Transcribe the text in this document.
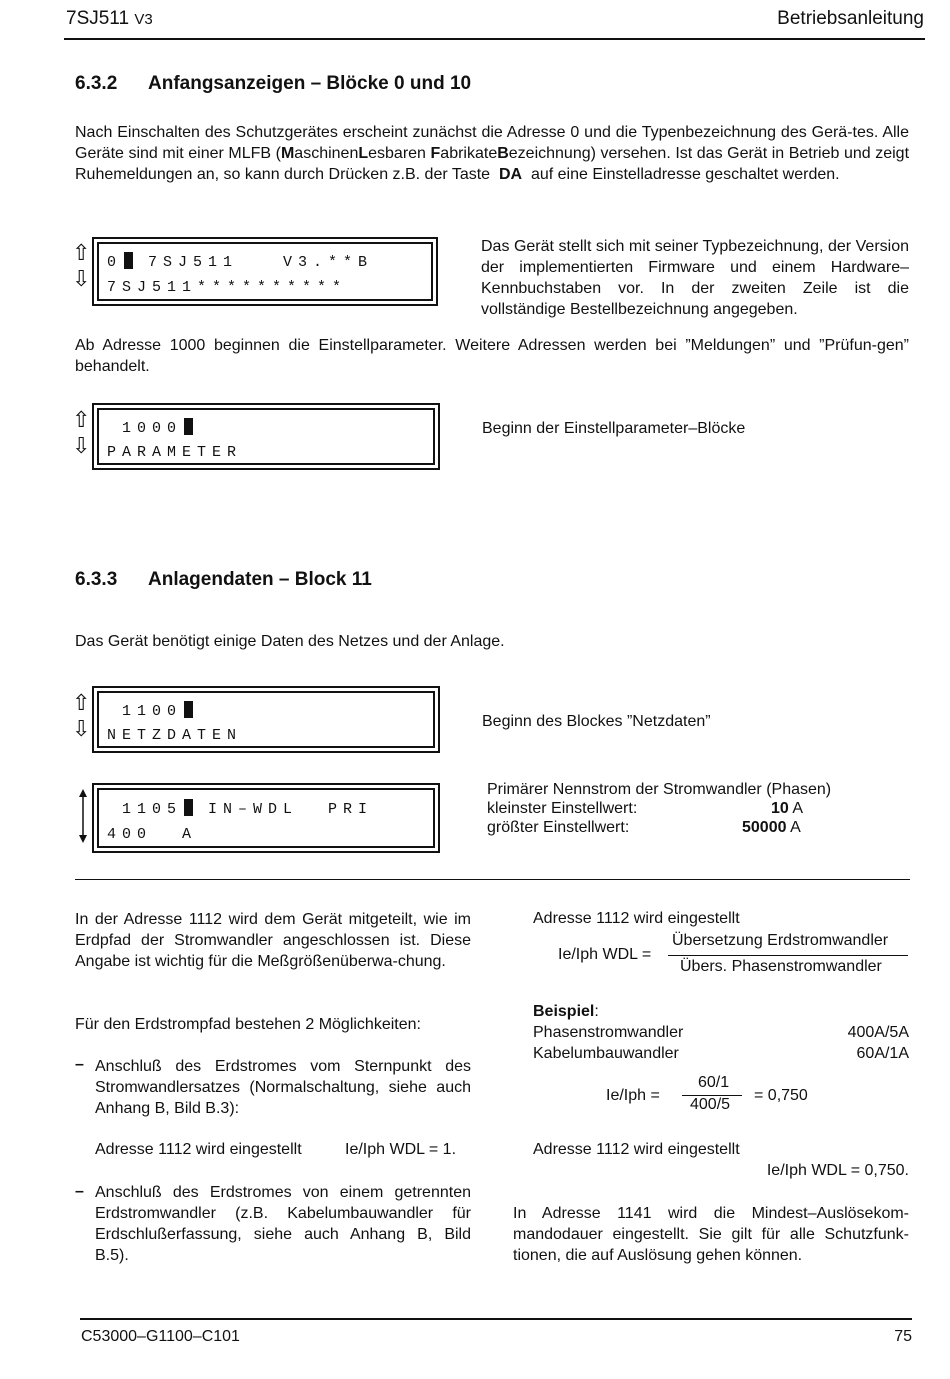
7SJ511 V3	Betriebsanleitung
6.3.2 Anfangsanzeigen – Blöcke 0 und 10
Nach Einschalten des Schutzgerätes erscheint zunächst die Adresse 0 und die Typenbezeichnung des Gerä-tes. Alle Geräte sind mit einer MLFB (MaschinenLesbaren FabrikateBezeichnung) versehen. Ist das Gerät in Betrieb und zeigt Ruhemeldungen an, so kann durch Drücken z.B. der Taste DA auf eine Einstelladresse geschaltet werden.
⇧
⇩
0 7SJ511   V3.**B
7SJ511**********
Das Gerät stellt sich mit seiner Typbezeichnung, der Version der implementierten Firmware und einem Hardware–Kennbuchstaben vor. In der zweiten Zeile ist die vollständige Bestellbezeichnung angegeben.
Ab Adresse 1000 beginnen die Einstellparameter. Weitere Adressen werden bei ”Meldungen” und ”Prüfun-gen” behandelt.
⇧
⇩
1000
PARAMETER
Beginn der Einstellparameter–Blöcke
6.3.3 Anlagendaten – Block 11
Das Gerät benötigt einige Daten des Netzes und der Anlage.
⇧
⇩
1100
NETZDATEN
Beginn des Blockes ”Netzdaten”
1105 IN–WDL  PRI
400  A
Primärer Nennstrom der Stromwandler (Phasen)
kleinster Einstellwert:	10 A
größter Einstellwert:	50000 A
In der Adresse 1112 wird dem Gerät mitgeteilt, wie im Erdpfad der Stromwandler angeschlossen ist. Diese Angabe ist wichtig für die Meßgrößenüberwa-chung.
Für den Erdstrompfad bestehen 2 Möglichkeiten:
– Anschluß des Erdstromes vom Sternpunkt des Stromwandlersatzes (Normalschaltung, siehe auch Anhang B, Bild B.3):
Adresse 1112 wird eingestellt	Ie/Iph WDL = 1.
– Anschluß des Erdstromes von einem getrennten Erdstromwandler (z.B. Kabelumbauwandler für Erdschlußerfassung, siehe auch Anhang B, Bild B.5).
Adresse 1112 wird eingestellt
Ie/Iph WDL =
Übersetzung Erdstromwandler
Übers. Phasenstromwandler
Beispiel:
Phasenstromwandler	400A/5A
Kabelumbauwandler	60A/1A
Ie/Iph =
60/1
400/5
= 0,750
Adresse 1112 wird eingestellt
Ie/Iph WDL = 0,750.
In Adresse 1141 wird die Mindest–Auslösekom-mandodauer eingestellt. Sie gilt für alle Schutzfunk-tionen, die auf Auslösung gehen können.
C53000–G1100–C101	75
